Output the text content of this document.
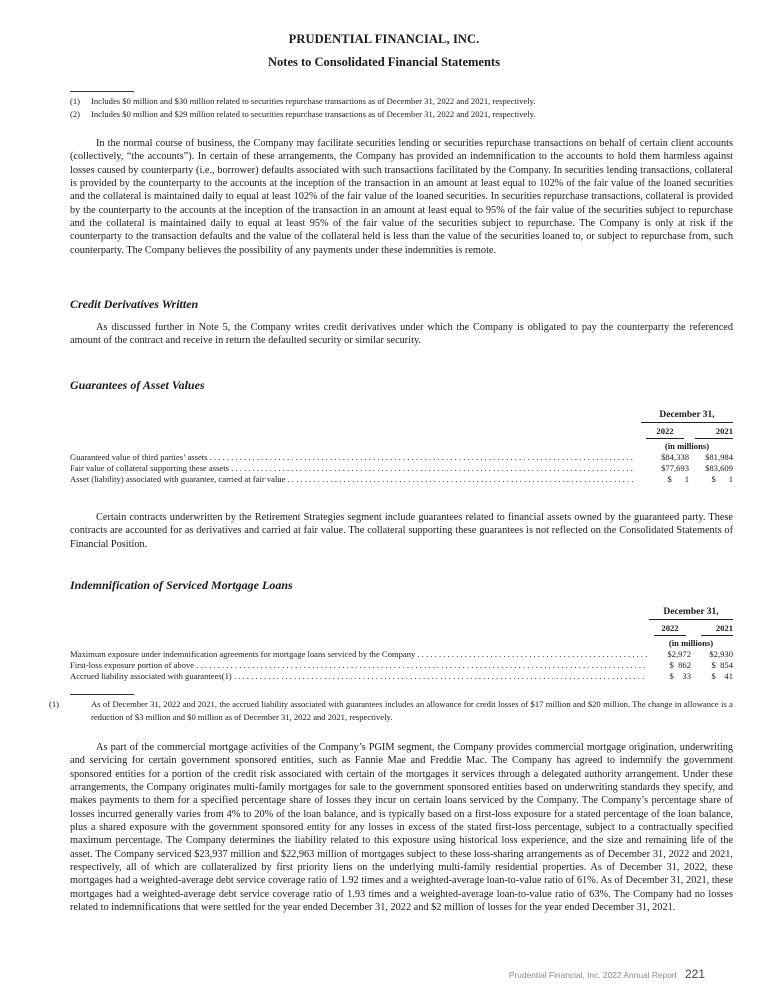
PRUDENTIAL FINANCIAL, INC.
Notes to Consolidated Financial Statements
(1) Includes $0 million and $30 million related to securities repurchase transactions as of December 31, 2022 and 2021, respectively.
(2) Includes $0 million and $29 million related to securities repurchase transactions as of December 31, 2022 and 2021, respectively.

In the normal course of business, the Company may facilitate securities lending or securities repurchase transactions on behalf of certain client accounts (collectively, “the accounts”). In certain of these arrangements, the Company has provided an indemnification to the accounts to hold them harmless against losses caused by counterparty (i.e., borrower) defaults associated with such transactions facilitated by the Company. In securities lending transactions, collateral is provided by the counterparty to the accounts at the inception of the transaction in an amount at least equal to 102% of the fair value of the loaned securities and the collateral is maintained daily to equal at least 102% of the fair value of the loaned securities. In securities repurchase transactions, collateral is provided by the counterparty to the accounts at the inception of the transaction in an amount at least equal to 95% of the fair value of the securities subject to repurchase and the collateral is maintained daily to equal at least 95% of the fair value of the securities subject to repurchase. The Company is only at risk if the counterparty to the transaction defaults and the value of the collateral held is less than the value of the securities loaned to, or subject to repurchase from, such counterparty. The Company believes the possibility of any payments under these indemnities is remote.

Credit Derivatives Written

As discussed further in Note 5, the Company writes credit derivatives under which the Company is obligated to pay the counterparty the referenced amount of the contract and receive in return the defaulted security or similar security.

Guarantees of Asset Values
	December 31,	
	2022	2021
	(in millions)	

Guaranteed value of third parties’ assets . . .	$84,338	$81,984

Fair value of collateral supporting these assets . . .	$77,693	$83,609

Asset (liability) associated with guarantee, carried at fair value . . .	$      1	$      1

Certain contracts underwritten by the Retirement Strategies segment include guarantees related to financial assets owned by the guaranteed party. These contracts are accounted for as derivatives and carried at fair value. The collateral supporting these guarantees is not reflected on the Consolidated Statements of Financial Position.

Indemnification of Serviced Mortgage Loans
	December 31,	
	2022	2021
	(in millions)	

Maximum exposure under indemnification agreements for mortgage loans serviced by the Company . . .	$2,972	$2,930

First-loss exposure portion of above . . .	$  862	$  854

Accrued liability associated with guarantees(1) . . .	$    33	$    41
(1)	As of December 31, 2022 and 2021, the accrued liability associated with guarantees includes an allowance for credit losses of $17 million and $20 million. The change in allowance is a reduction of $3 million and $0 million as of December 31, 2022 and 2021, respectively.

As part of the commercial mortgage activities of the Company’s PGIM segment, the Company provides commercial mortgage origination, underwriting and servicing for certain government sponsored entities, such as Fannie Mae and Freddie Mac. The Company has agreed to indemnify the government sponsored entities for a portion of the credit risk associated with certain of the mortgages it services through a delegated authority arrangement. Under these arrangements, the Company originates multi-family mortgages for sale to the government sponsored entities based on underwriting standards they specify, and makes payments to them for a specified percentage share of losses they incur on certain loans serviced by the Company. The Company’s percentage share of losses incurred generally varies from 4% to 20% of the loan balance, and is typically based on a first-loss exposure for a stated percentage of the loan balance, plus a shared exposure with the government sponsored entity for any losses in excess of the stated first-loss percentage, subject to a contractually specified maximum percentage. The Company determines the liability related to this exposure using historical loss experience, and the size and remaining life of the asset. The Company serviced $23,937 million and $22,963 million of mortgages subject to these loss-sharing arrangements as of December 31, 2022 and 2021, respectively, all of which are collateralized by first priority liens on the underlying multi-family residential properties. As of December 31, 2022, these mortgages had a weighted-average debt service coverage ratio of 1.92 times and a weighted-average loan-to-value ratio of 61%. As of December 31, 2021, these mortgages had a weighted-average debt service coverage ratio of 1.93 times and a weighted-average loan-to-value ratio of 63%. The Company had no losses related to indemnifications that were settled for the year ended December 31, 2022 and $2 million of losses for the year ended December 31, 2021.

Prudential Financial, Inc. 2022 Annual Report 221
